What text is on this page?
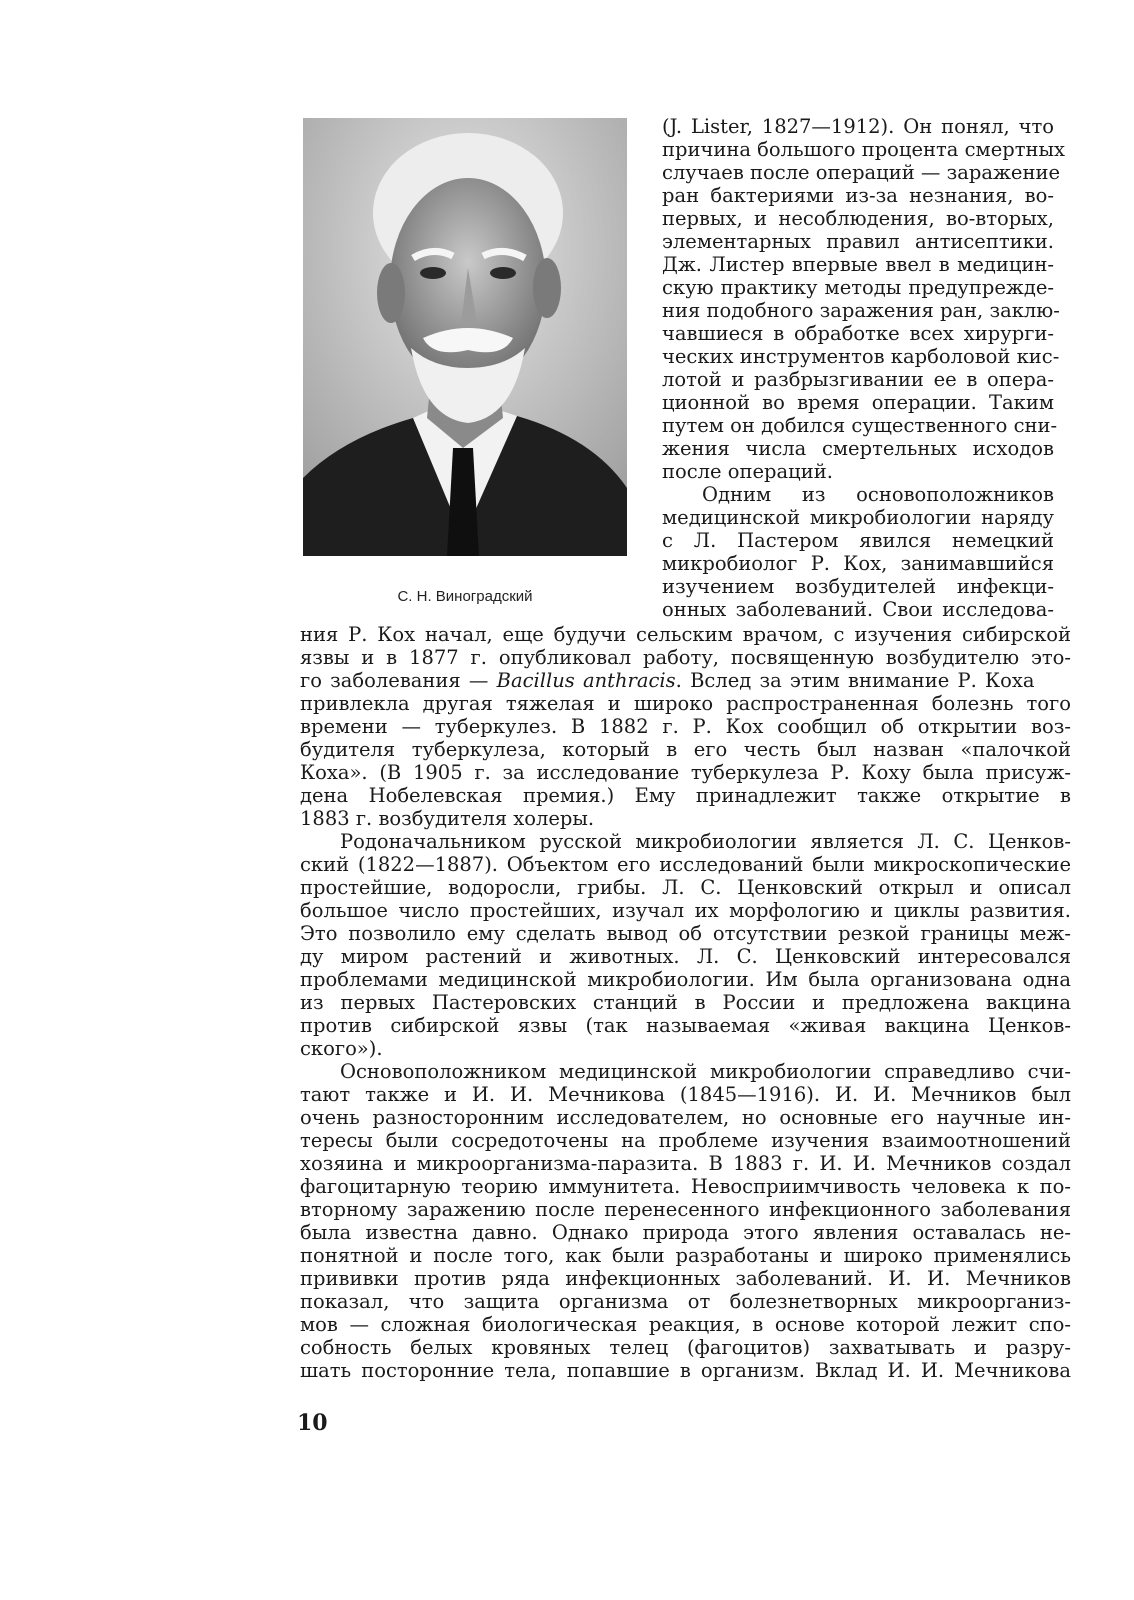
С. Н. Виноградский
(J. Lister, 1827—1912). Он понял, что
причина большого процента смертных
случаев после операций — заражение
ран бактериями из-за незнания, во-
первых, и несоблюдения, во-вторых,
элементарных правил антисептики.
Дж. Листер впервые ввел в медицин-
скую практику методы предупрежде-
ния подобного заражения ран, заклю-
чавшиеся в обработке всех хирурги-
ческих инструментов карболовой кис-
лотой и разбрызгивании ее в опера-
ционной во время операции. Таким
путем он добился существенного сни-
жения числа смертельных исходов
после операций.
Одним из основоположников
медицинской микробиологии наряду
с Л. Пастером явился немецкий
микробиолог Р. Кох, занимавшийся
изучением возбудителей инфекци-
онных заболеваний. Свои исследова-
ния Р. Кох начал, еще будучи сельским врачом, с изучения сибирской
язвы и в 1877 г. опубликовал работу, посвященную возбудителю это-
го заболевания — Bacillus anthracis. Вслед за этим внимание Р. Коха
привлекла другая тяжелая и широко распространенная болезнь того
времени — туберкулез. В 1882 г. Р. Кох сообщил об открытии воз-
будителя туберкулеза, который в его честь был назван «палочкой
Коха». (В 1905 г. за исследование туберкулеза Р. Коху была присуж-
дена Нобелевская премия.) Ему принадлежит также открытие в
1883 г. возбудителя холеры.
Родоначальником русской микробиологии является Л. С. Ценков-
ский (1822—1887). Объектом его исследований были микроскопические
простейшие, водоросли, грибы. Л. С. Ценковский открыл и описал
большое число простейших, изучал их морфологию и циклы развития.
Это позволило ему сделать вывод об отсутствии резкой границы меж-
ду миром растений и животных. Л. С. Ценковский интересовался
проблемами медицинской микробиологии. Им была организована одна
из первых Пастеровских станций в России и предложена вакцина
против сибирской язвы (так называемая «живая вакцина Ценков-
ского»).
Основоположником медицинской микробиологии справедливо счи-
тают также и И. И. Мечникова (1845—1916). И. И. Мечников был
очень разносторонним исследователем, но основные его научные ин-
тересы были сосредоточены на проблеме изучения взаимоотношений
хозяина и микроорганизма-паразита. В 1883 г. И. И. Мечников создал
фагоцитарную теорию иммунитета. Невосприимчивость человека к по-
вторному заражению после перенесенного инфекционного заболевания
была известна давно. Однако природа этого явления оставалась не-
понятной и после того, как были разработаны и широко применялись
прививки против ряда инфекционных заболеваний. И. И. Мечников
показал, что защита организма от болезнетворных микроорганиз-
мов — сложная биологическая реакция, в основе которой лежит спо-
собность белых кровяных телец (фагоцитов) захватывать и разру-
шать посторонние тела, попавшие в организм. Вклад И. И. Мечникова
10
